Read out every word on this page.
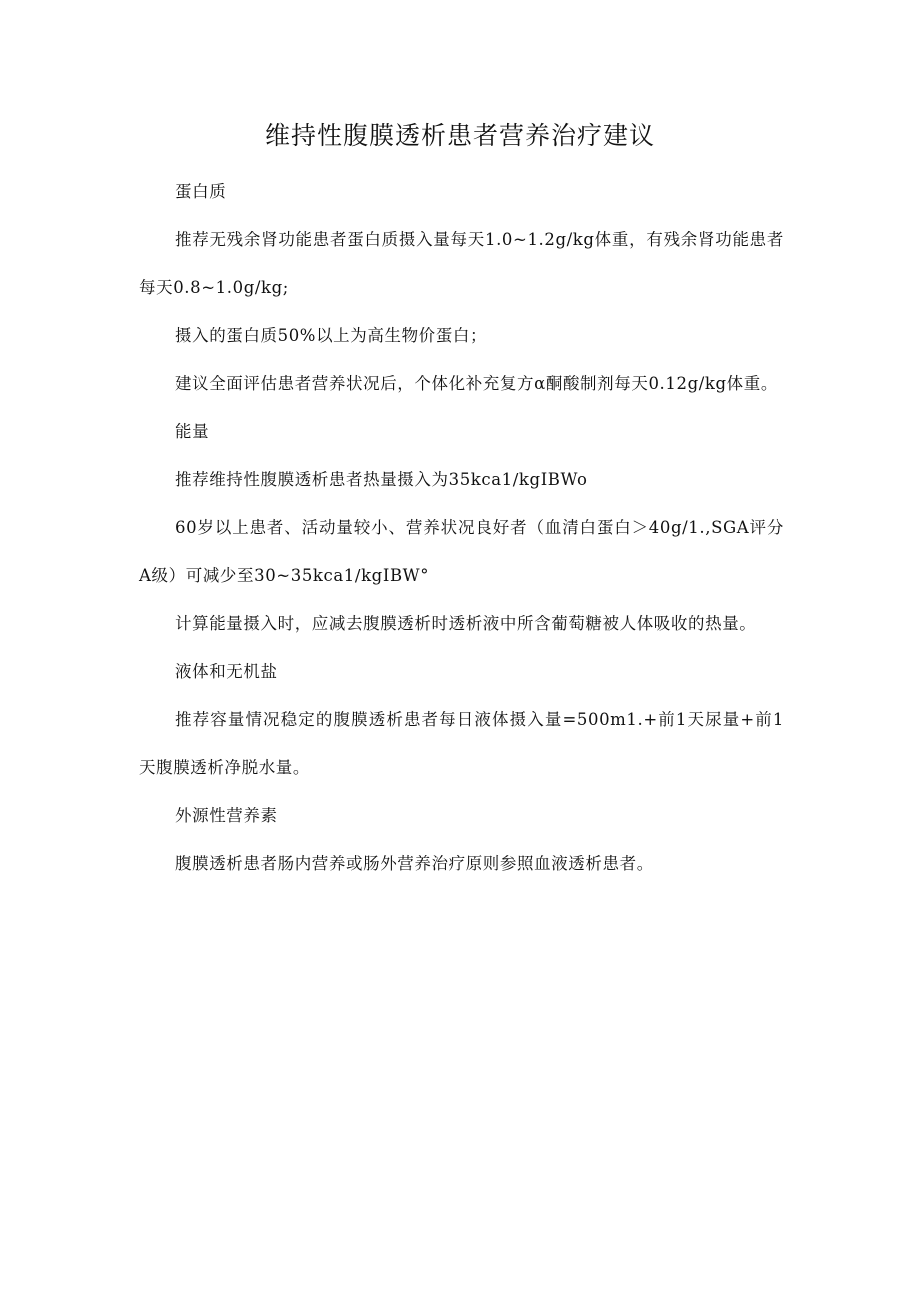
维持性腹膜透析患者营养治疗建议

蛋白质

推荐无残余肾功能患者蛋白质摄入量每天1.0~1.2g/kg体重，有残余肾功能患者每天0.8~1.0g/kg;

摄入的蛋白质50%以上为高生物价蛋白；

建议全面评估患者营养状况后，个体化补充复方α酮酸制剂每天0.12g/kg体重。

能量

推荐维持性腹膜透析患者热量摄入为35kca1∕kgIBWo

60岁以上患者、活动量较小、营养状况良好者（血清白蛋白＞40g/1.,SGA评分A级）可减少至30~35kca1∕kgIBW°

计算能量摄入时，应减去腹膜透析时透析液中所含葡萄糖被人体吸收的热量。

液体和无机盐

推荐容量情况稳定的腹膜透析患者每日液体摄入量=500m1.+前1天尿量+前1天腹膜透析净脱水量。

外源性营养素

腹膜透析患者肠内营养或肠外营养治疗原则参照血液透析患者。
